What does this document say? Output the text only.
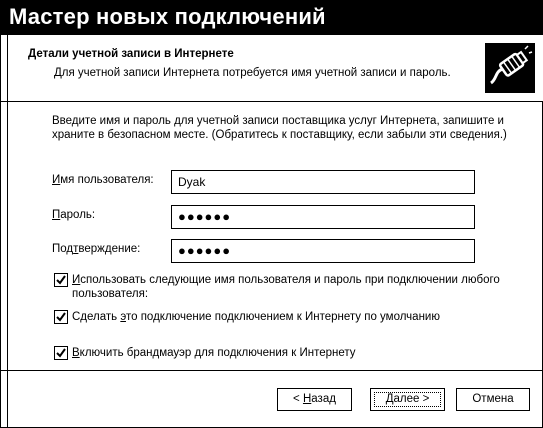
Мастер новых подключений
Детали учетной записи в Интернете
Для учетной записи Интернета потребуется имя учетной записи и пароль.
Введите имя и пароль для учетной записи поставщика услуг Интернета, запишите и храните в безопасном месте. (Обратитесь к поставщику, если забыли эти сведения.)
Имя пользователя:	Dyak
Пароль:	●●●●●●
Подтверждение:	●●●●●●
Использовать следующие имя пользователя и пароль при подключении любого пользователя:
Сделать это подключение подключением к Интернету по умолчанию
Включить брандмауэр для подключения к Интернету
< Назад	Далее >	Отмена
